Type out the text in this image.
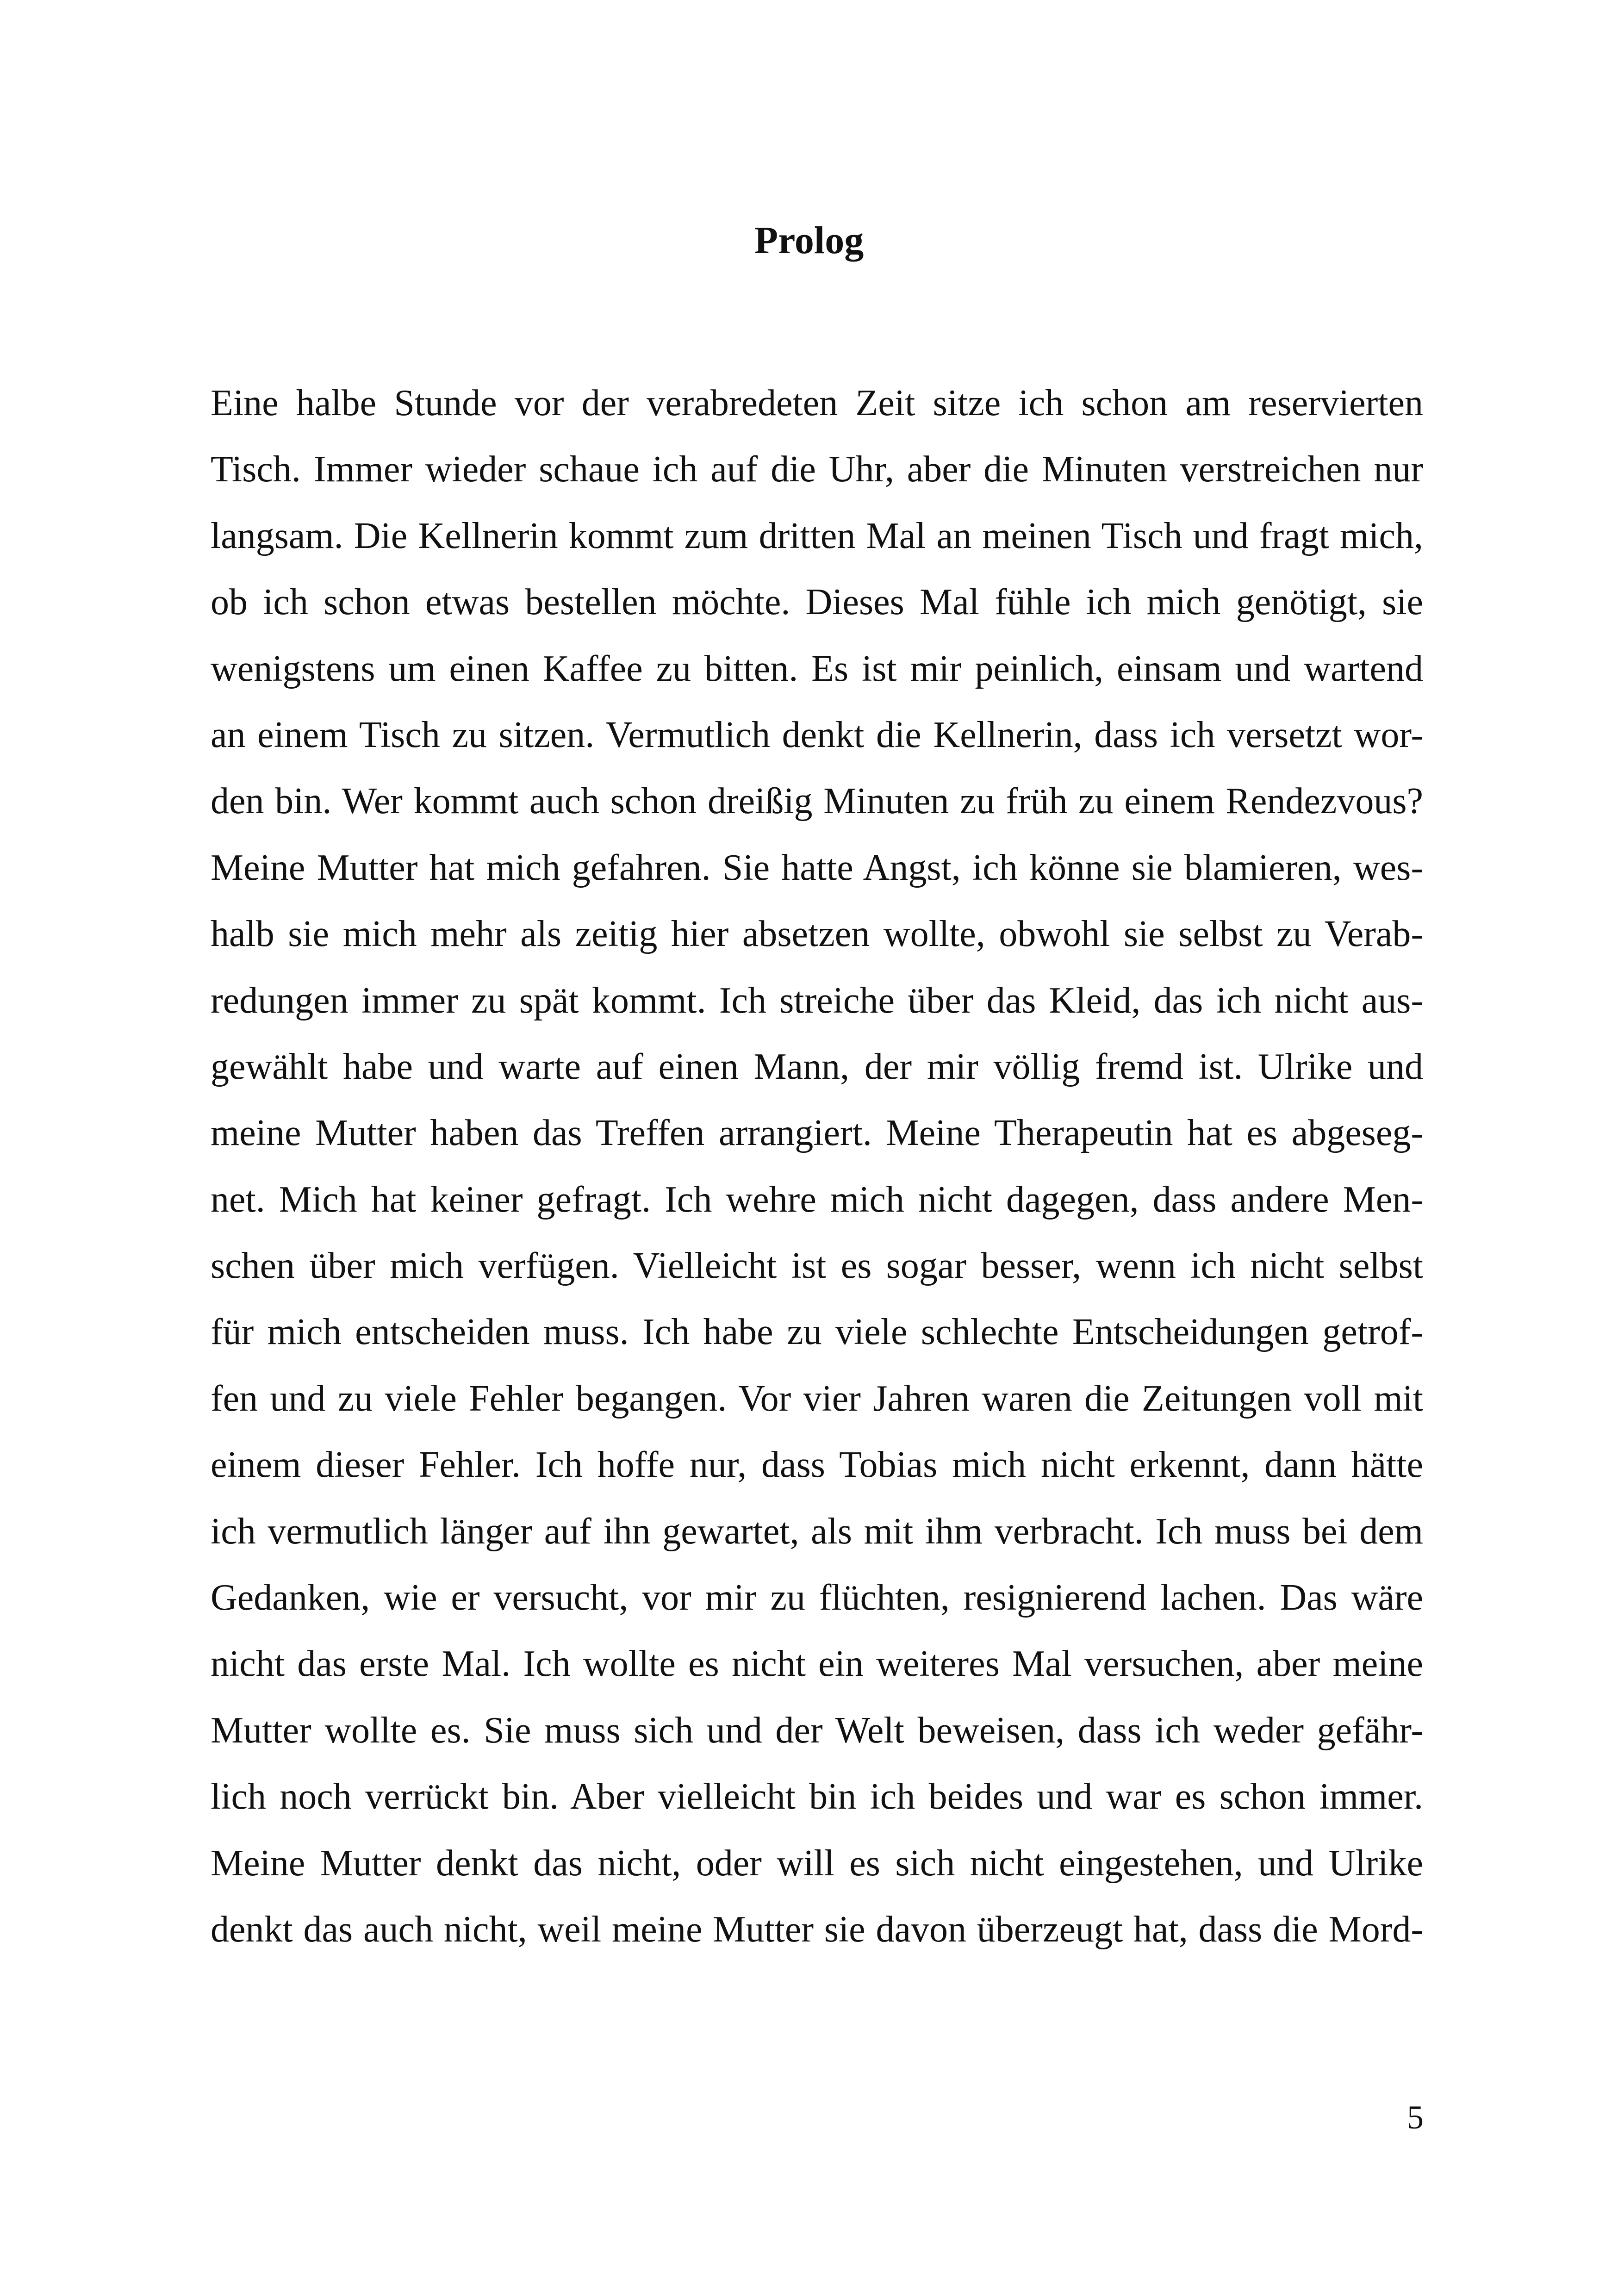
Prolog
Eine halbe Stunde vor der verabredeten Zeit sitze ich schon am reservierten
Tisch. Immer wieder schaue ich auf die Uhr, aber die Minuten verstreichen nur
langsam. Die Kellnerin kommt zum dritten Mal an meinen Tisch und fragt mich,
ob ich schon etwas bestellen möchte. Dieses Mal fühle ich mich genötigt, sie
wenigstens um einen Kaffee zu bitten. Es ist mir peinlich, einsam und wartend
an einem Tisch zu sitzen. Vermutlich denkt die Kellnerin, dass ich versetzt wor-
den bin. Wer kommt auch schon dreißig Minuten zu früh zu einem Rendezvous?
Meine Mutter hat mich gefahren. Sie hatte Angst, ich könne sie blamieren, wes-
halb sie mich mehr als zeitig hier absetzen wollte, obwohl sie selbst zu Verab-
redungen immer zu spät kommt. Ich streiche über das Kleid, das ich nicht aus-
gewählt habe und warte auf einen Mann, der mir völlig fremd ist. Ulrike und
meine Mutter haben das Treffen arrangiert. Meine Therapeutin hat es abgeseg-
net. Mich hat keiner gefragt. Ich wehre mich nicht dagegen, dass andere Men-
schen über mich verfügen. Vielleicht ist es sogar besser, wenn ich nicht selbst
für mich entscheiden muss. Ich habe zu viele schlechte Entscheidungen getrof-
fen und zu viele Fehler begangen. Vor vier Jahren waren die Zeitungen voll mit
einem dieser Fehler. Ich hoffe nur, dass Tobias mich nicht erkennt, dann hätte
ich vermutlich länger auf ihn gewartet, als mit ihm verbracht. Ich muss bei dem
Gedanken, wie er versucht, vor mir zu flüchten, resignierend lachen. Das wäre
nicht das erste Mal. Ich wollte es nicht ein weiteres Mal versuchen, aber meine
Mutter wollte es. Sie muss sich und der Welt beweisen, dass ich weder gefähr-
lich noch verrückt bin. Aber vielleicht bin ich beides und war es schon immer.
Meine Mutter denkt das nicht, oder will es sich nicht eingestehen, und Ulrike
denkt das auch nicht, weil meine Mutter sie davon überzeugt hat, dass die Mord-
5
